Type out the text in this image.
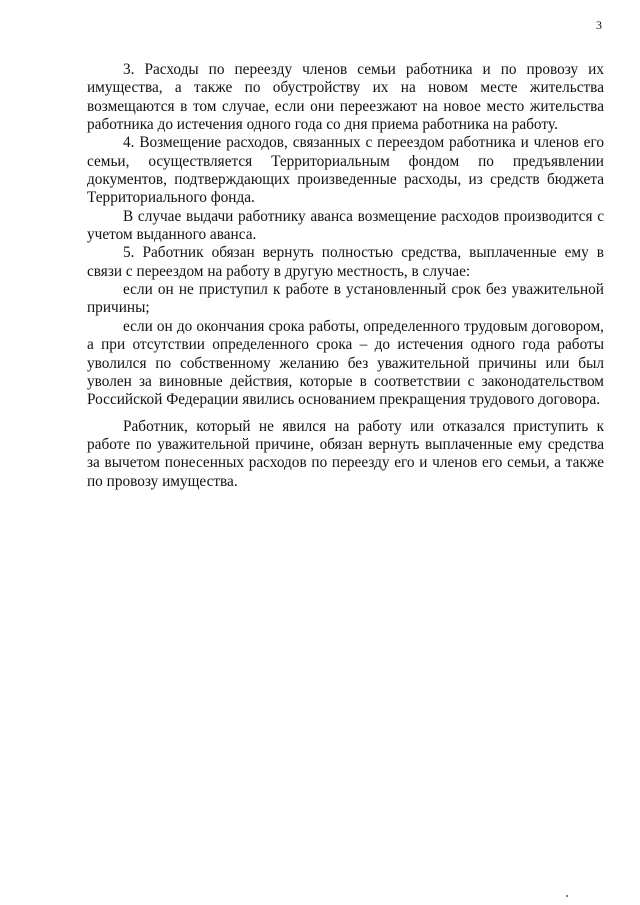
3

3. Расходы по переезду членов семьи работника и по провозу их имущества, а также по обустройству их на новом месте жительства возмещаются в том случае, если они переезжают на новое место жительства работника до истечения одного года со дня приема работника на работу.

4. Возмещение расходов, связанных с переездом работника и членов его семьи, осуществляется Территориальным фондом по предъявлении документов, подтверждающих произведенные расходы, из средств бюджета Территориального фонда.

В случае выдачи работнику аванса возмещение расходов производится с учетом выданного аванса.

5. Работник обязан вернуть полностью средства, выплаченные ему в связи с переездом на работу в другую местность, в случае:

если он не приступил к работе в установленный срок без уважительной причины;

если он до окончания срока работы, определенного трудовым договором, а при отсутствии определенного срока – до истечения одного года работы уволился по собственному желанию без уважительной причины или был уволен за виновные действия, которые в соответствии с законодательством Российской Федерации явились основанием прекращения трудового договора.

Работник, который не явился на работу или отказался приступить к работе по уважительной причине, обязан вернуть выплаченные ему средства за вычетом понесенных расходов по переезду его и членов его семьи, а также по провозу имущества.
